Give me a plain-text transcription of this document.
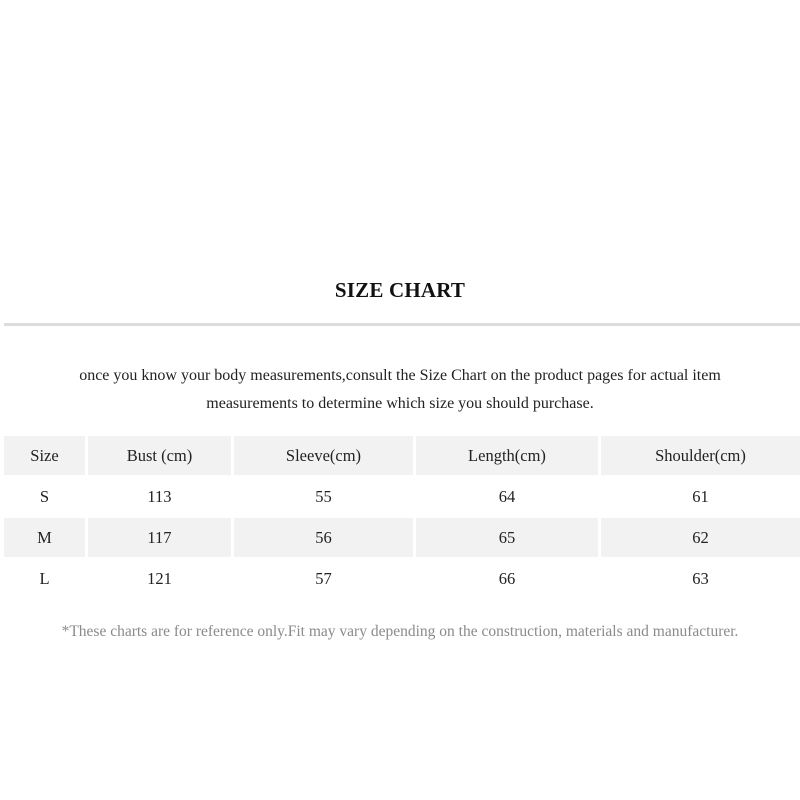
SIZE CHART
once you know your body measurements,consult the Size Chart on the product pages for actual item
measurements to determine which size you should purchase.
Size	Bust (cm)	Sleeve(cm)	Length(cm)	Shoulder(cm)
S	113	55	64	61
M	117	56	65	62
L	121	57	66	63
*These charts are for reference only.Fit may vary depending on the construction, materials and manufacturer.
